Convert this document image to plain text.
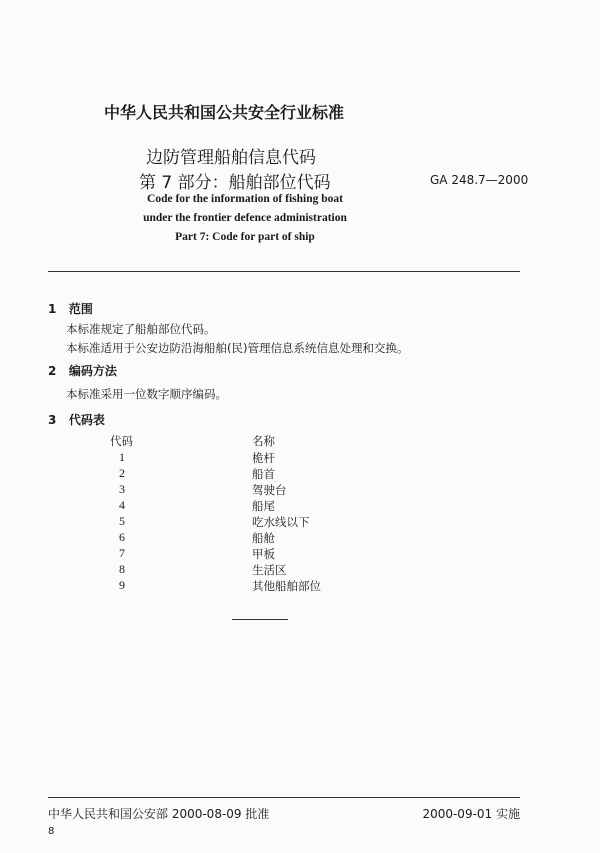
中华人民共和国公共安全行业标准
边防管理船舶信息代码
第 7 部分：船舶部位代码	GA 248.7—2000
Code for the information of fishing boat
under the frontier defence administration
Part 7: Code for part of ship
1 范围
本标准规定了船舶部位代码。
本标准适用于公安边防沿海船舶(民)管理信息系统信息处理和交换。
2 编码方法
本标准采用一位数字顺序编码。
3 代码表
代码	名称
1	桅杆
2	船首
3	驾驶台
4	船尾
5	吃水线以下
6	船舱
7	甲板
8	生活区
9	其他船舶部位
中华人民共和国公安部 2000-08-09 批准	2000-09-01 实施
8
